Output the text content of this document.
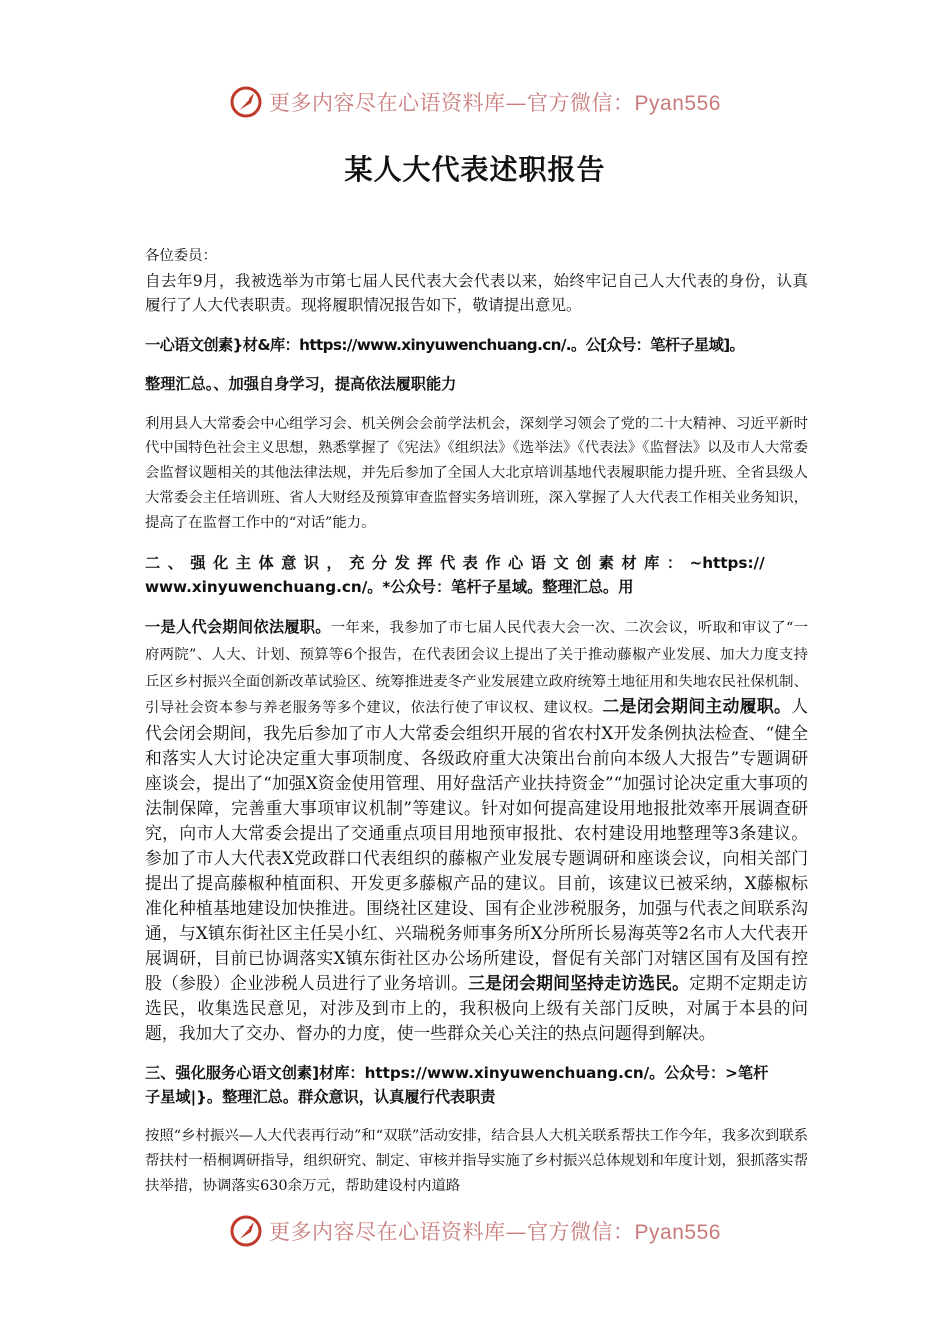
更多内容尽在心语资料库—官方微信：Pyan556
某人大代表述职报告

各位委员：

自去年9月，我被选举为市第七届人民代表大会代表以来，始终牢记自己人大代表的身份，认真履行了人大代表职责。现将履职情况报告如下，敬请提出意见。

一心语文创素}材&库：https://www.xinyuwenchuang.cn/.。公[众号：笔杆子星域]。

整理汇总。、加强自身学习，提高依法履职能力

利用县人大常委会中心组学习会、机关例会会前学法机会，深刻学习领会了党的二十大精神、习近平新时代中国特色社会主义思想，熟悉掌握了《宪法》《组织法》《选举法》《代表法》《监督法》以及市人大常委会监督议题相关的其他法律法规，并先后参加了全国人大北京培训基地代表履职能力提升班、全省县级人大常委会主任培训班、省人大财经及预算审查监督实务培训班，深入掌握了人大代表工作相关业务知识，提高了在监督工作中的“对话”能力。

二、强化主体意识，充分发挥代表作心语文创素材库：~https://
www.xinyuwenchuang.cn/。*公众号：笔杆子星域。整理汇总。用

一是人代会期间依法履职。一年来，我参加了市七届人民代表大会一次、二次会议，听取和审议了“一府两院”、人大、计划、预算等6个报告，在代表团会议上提出了关于推动藤椒产业发展、加大力度支持丘区乡村振兴全面创新改革试验区、统筹推进麦冬产业发展建立政府统筹土地征用和失地农民社保机制、引导社会资本参与养老服务等多个建议，依法行使了审议权、建议权。二是闭会期间主动履职。人代会闭会期间，我先后参加了市人大常委会组织开展的省农村X开发条例执法检查、“健全和落实人大讨论决定重大事项制度、各级政府重大决策出台前向本级人大报告”专题调研座谈会，提出了“加强X资金使用管理、用好盘活产业扶持资金”“加强讨论决定重大事项的法制保障，完善重大事项审议机制”等建议。针对如何提高建设用地报批效率开展调查研究，向市人大常委会提出了交通重点项目用地预审报批、农村建设用地整理等3条建议。参加了市人大代表X党政群口代表组织的藤椒产业发展专题调研和座谈会议，向相关部门提出了提高藤椒种植面积、开发更多藤椒产品的建议。目前，该建议已被采纳，X藤椒标准化种植基地建设加快推进。围绕社区建设、国有企业涉税服务，加强与代表之间联系沟通，与X镇东街社区主任吴小红、兴瑞税务师事务所X分所所长易海英等2名市人大代表开展调研，目前已协调落实X镇东街社区办公场所建设，督促有关部门对辖区国有及国有控股（参股）企业涉税人员进行了业务培训。三是闭会期间坚持走访选民。定期不定期走访选民，收集选民意见，对涉及到市上的，我积极向上级有关部门反映，对属于本县的问题，我加大了交办、督办的力度，使一些群众关心关注的热点问题得到解决。

三、强化服务心语文创素]材库：https://www.xinyuwenchuang.cn/。公众号：>笔杆
子星域|}。整理汇总。群众意识，认真履行代表职责

按照“乡村振兴—人大代表再行动”和“双联”活动安排，结合县人大机关联系帮扶工作今年，我多次到联系帮扶村一梧桐调研指导，组织研究、制定、审核并指导实施了乡村振兴总体规划和年度计划，狠抓落实帮扶举措，协调落实630余万元，帮助建设村内道路

更多内容尽在心语资料库—官方微信：Pyan556
